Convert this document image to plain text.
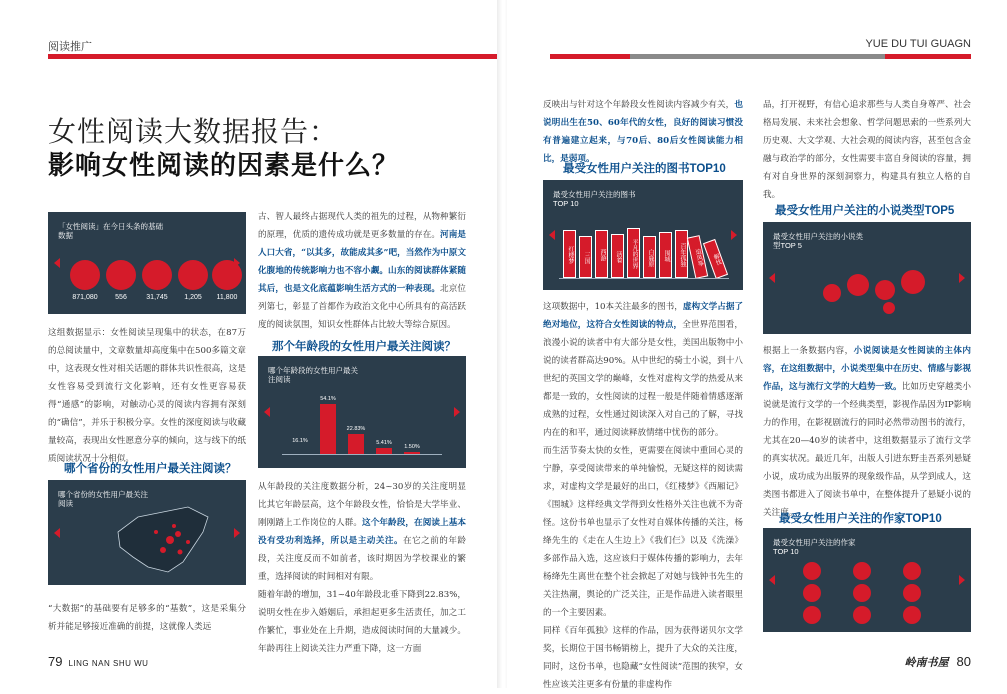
阅读推广
女性阅读大数据报告：
影响女性阅读的因素是什么？
「女性阅读」在今日头条的基础数据
871,080	556	31,745	1,205	11,800
这组数据显示：女性阅读呈现集中的状态，在87万的总阅读量中，文章数量却高度集中在500多篇文章中，这表现女性对相关话题的群体共识性很高，这是女性容易受到流行文化影响，还有女性更容易获得“通感”的影响，对触动心灵的阅读内容拥有深刻的“确信”，并乐于积极分享。女性的深度阅读与收藏量较高，表现出女性愿意分享的倾向，这与线下的纸质阅读状况十分相似。
哪个省份的女性用户最关注阅读？
哪个省份的女性用户最关注阅读
“大数据”的基础要有足够多的“基数”，这是采集分析并能足够接近准确的前提，这就像人类远
古、智人最终占据现代人类的祖先的过程，从物种繁衍的原理，优质的遗传成功就是更多数量的存在。河南是人口大省，“以其多，故能成其多”吧，当然作为中原文化腹地的传统影响力也不容小觑。山东的阅读群体紧随其后，也是文化底蕴影响生活方式的一种表现。北京位列第七，彰显了首都作为政治文化中心所具有的高活跃度的阅读氛围，知识女性群体占比较大等综合原因。
那个年龄段的女性用户最关注阅读？
哪个年龄段的女性用户最关注阅读
16.1%
54.1%
22.83%
5.41%
1.50%
从年龄段的关注度数据分析，24~30岁的关注度明显比其它年龄层高，这个年龄段女性，恰恰是大学毕业、刚刚踏上工作岗位的人群。这个年龄段，在阅读上基本没有受功利选择，所以是主动关注。在它之前的年龄段，关注度反而不如前者，该时期因为学校课业的繁重，选择阅读的时间相对有限。
随着年龄的增加，31~40年龄段北垂下降到22.83%，说明女性在步入婚姻后，承担起更多生活责任，加之工作繁忙，事业处在上升期，造成阅读时间的大量减少。年龄再往上阅读关注力严重下降，这一方面
79 LING NAN SHU WU
YUE DU TUI GUAGN
反映出与针对这个年龄段女性阅读内容减少有关，也说明出生在50、60年代的女性，良好的阅读习惯没有普遍建立起来，与70后、80后女性阅读能力相比，是弱项。
最受女性用户关注的图书TOP10
最受女性用户关注的图书TOP 10
红楼梦	三国	西游	活着	平凡的世界	白鹿原	围城	百年孤独	追风筝	解忧
这项数据中，10本关注最多的图书，虚构文学占据了绝对地位，这符合女性阅读的特点，全世界范围看，浪漫小说的读者中有大部分是女性，美国出版物中小说的读者群高达90%。从中世纪的骑士小说，到十八世纪的英国文学的巅峰，女性对虚构文学的热爱从来都是一致的，女性阅读的过程一般是伴随着情感逐渐成熟的过程，女性通过阅读深入对自己的了解，寻找内在的和平，通过阅读释放情绪中忧伤的部分。
而生活节奏太快的女性，更需要在阅读中重回心灵的宁静，享受阅读带来的单纯愉悦，无疑这样的阅读需求，对虚构文学是最好的出口，《红楼梦》《西厢记》《围城》这样经典文学得到女性格外关注也就不为奇怪。这份书单也显示了女性对自媒体传播的关注，杨绛先生的《走在人生边上》《我们仨》以及《洗澡》多部作品入选，这应该归于媒体传播的影响力，去年杨绛先生离世在整个社会掀起了对她与钱钟书先生的关注热潮，舆论的广泛关注，正是作品进入读者眼里的一个主要因素。
同样《百年孤独》这样的作品，因为获得诺贝尔文学奖，长期位于国书畅销榜上，提升了大众的关注度，同时，这份书单，也隐藏“女性阅读”范围的狭窄，女性应该关注更多有份量的非虚构作
品，打开视野，有信心追求那些与人类自身尊严、社会格局发展、未来社会想象、哲学问题思索的一些系列大历史观、大文学观、大社会观的阅读内容，甚至包含金融与政治学的部分，女性需要丰富自身阅读的容量，拥有对自身世界的深刻洞察力，构建具有独立人格的自我。
最受女性用户关注的小说类型TOP5
最受女性用户关注的小说类型TOP 5
根据上一条数据内容，小说阅读是女性阅读的主体内容，在这组数据中，小说类型集中在历史、情感与影视作品，这与流行文学的大趋势一致。比如历史穿越类小说就是流行文学的一个经典类型，影视作品因为IP影响力的作用，在影视剧流行的同时必然带动图书的流行，尤其在20—40岁的读者中，这组数据显示了流行文学的真实状况。最近几年，出版人引进东野圭吾系列悬疑小说，成功成为出版界的现象级作品，从学到成人，这类图书都进入了阅读书单中，在整体提升了悬疑小说的关注度。
最受女性用户关注的作家TOP10
最受女性用户关注的作家TOP 10
岭南书屋 80
